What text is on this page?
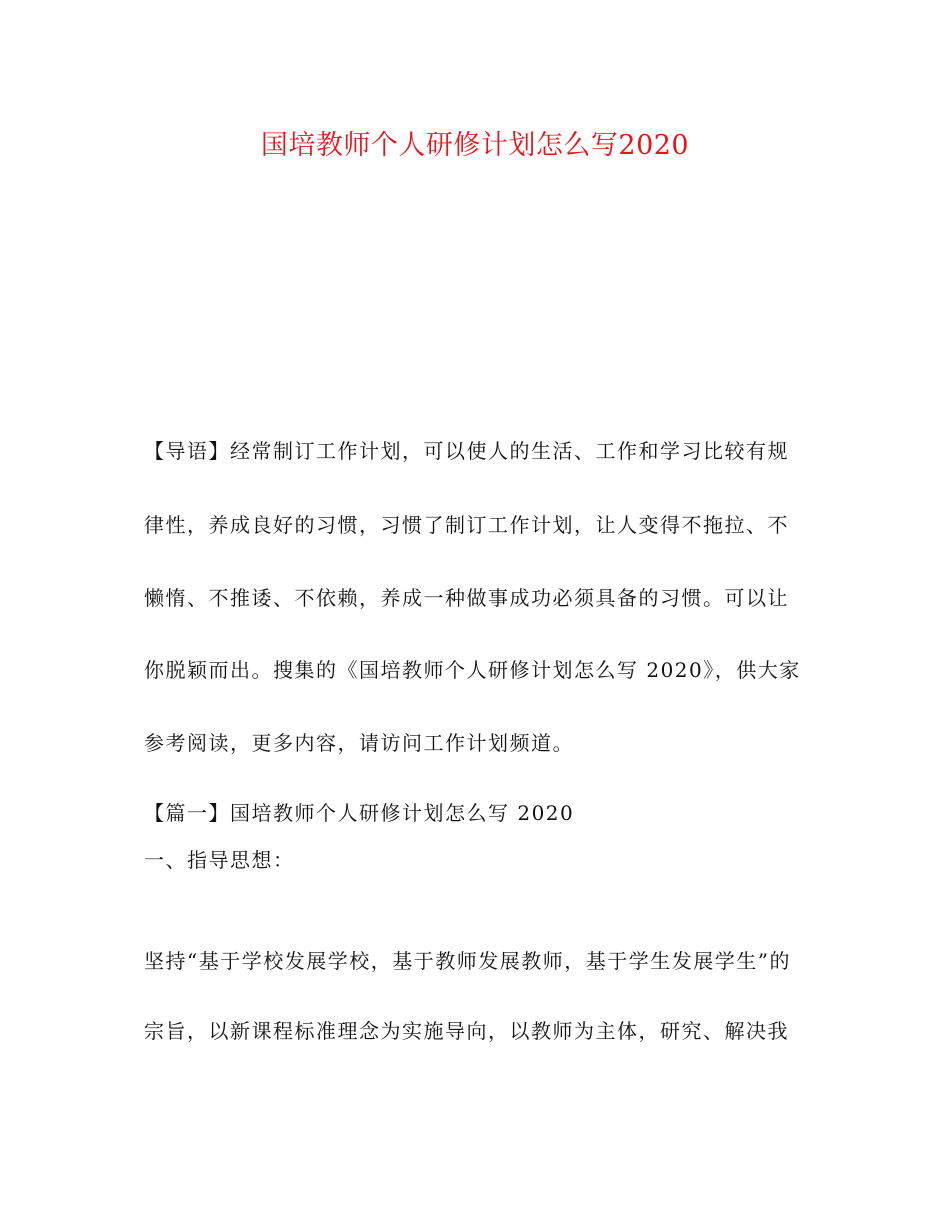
国培教师个人研修计划怎么写2020
【导语】经常制订工作计划，可以使人的生活、工作和学习比较有规
律性，养成良好的习惯，习惯了制订工作计划，让人变得不拖拉、不
懒惰、不推诿、不依赖，养成一种做事成功必须具备的习惯。可以让
你脱颖而出。搜集的《国培教师个人研修计划怎么写 2020》，供大家
参考阅读，更多内容，请访问工作计划频道。
【篇一】国培教师个人研修计划怎么写 2020
一、指导思想：
坚持“基于学校发展学校，基于教师发展教师，基于学生发展学生”的
宗旨，以新课程标准理念为实施导向，以教师为主体，研究、解决我
